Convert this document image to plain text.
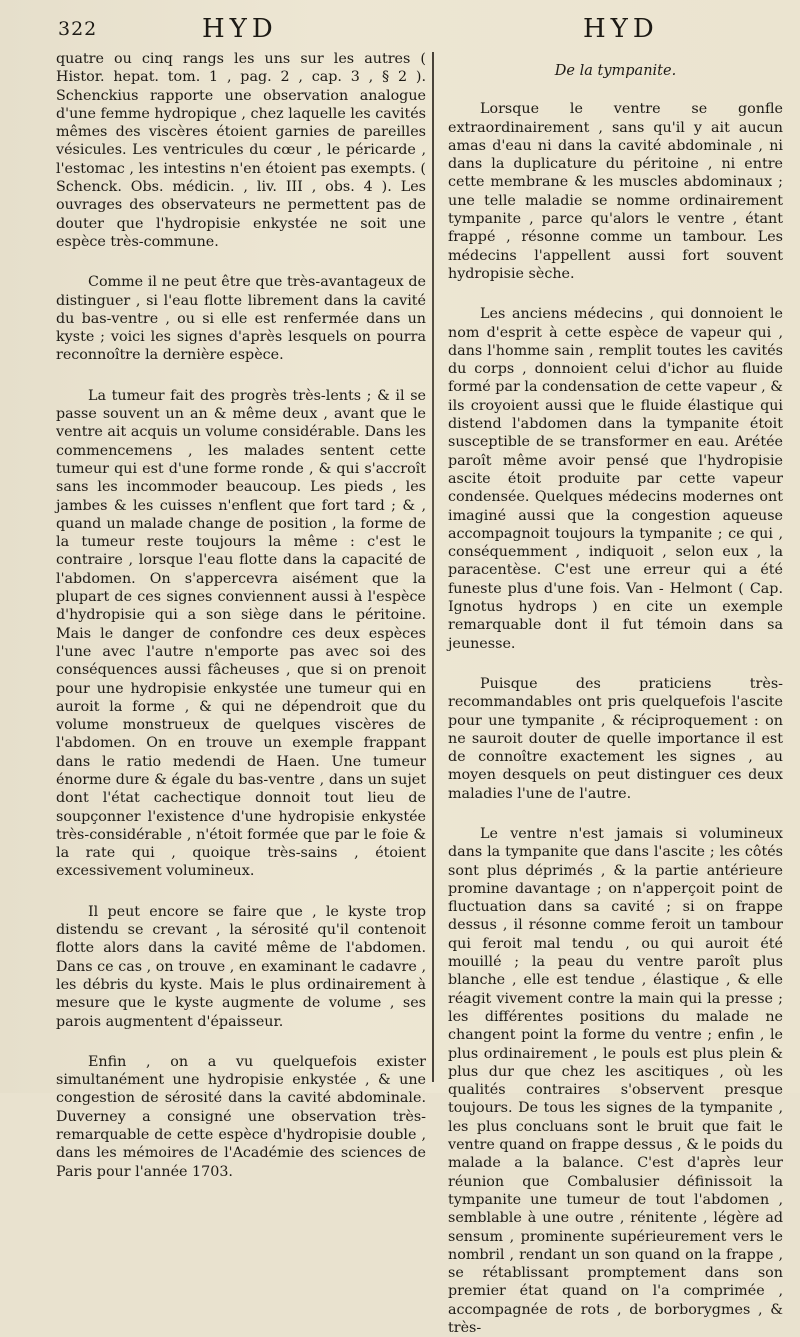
322	HYD	HYD

quatre ou cinq rangs les uns sur les autres ( Histor. hepat. tom. 1 , pag. 2 , cap. 3 , § 2 ). Schenckius rapporte une observation analogue d'une femme hydropique , chez laquelle les cavités mêmes des viscères étoient garnies de pareilles vésicules. Les ventricules du cœur , le péricarde , l'estomac , les intestins n'en étoient pas exempts. ( Schenck. Obs. médicin. , liv. III , obs. 4 ). Les ouvrages des observateurs ne permettent pas de douter que l'hydropisie enkystée ne soit une espèce très-commune.

Comme il ne peut être que très-avantageux de distinguer , si l'eau flotte librement dans la cavité du bas-ventre , ou si elle est renfermée dans un kyste ; voici les signes d'après lesquels on pourra reconnoître la dernière espèce.

La tumeur fait des progrès très-lents ; & il se passe souvent un an & même deux , avant que le ventre ait acquis un volume considérable. Dans les commencemens , les malades sentent cette tumeur qui est d'une forme ronde , & qui s'accroît sans les incommoder beaucoup. Les pieds , les jambes & les cuisses n'enflent que fort tard ; & , quand un malade change de position , la forme de la tumeur reste toujours la même : c'est le contraire , lorsque l'eau flotte dans la capacité de l'abdomen. On s'appercevra aisément que la plupart de ces signes conviennent aussi à l'espèce d'hydropisie qui a son siège dans le péritoine. Mais le danger de confondre ces deux espèces l'une avec l'autre n'emporte pas avec soi des conséquences aussi fâcheuses , que si on prenoit pour une hydropisie enkystée une tumeur qui en auroit la forme , & qui ne dépendroit que du volume monstrueux de quelques viscères de l'abdomen. On en trouve un exemple frappant dans le ratio medendi de Haen. Une tumeur énorme dure & égale du bas-ventre , dans un sujet dont l'état cachectique donnoit tout lieu de soupçonner l'existence d'une hydropisie enkystée très-considérable , n'étoit formée que par le foie & la rate qui , quoique très-sains , étoient excessivement volumineux.

Il peut encore se faire que , le kyste trop distendu se crevant , la sérosité qu'il contenoit flotte alors dans la cavité même de l'abdomen. Dans ce cas , on trouve , en examinant le cadavre , les débris du kyste. Mais le plus ordinairement à mesure que le kyste augmente de volume , ses parois augmentent d'épaisseur.

Enfin , on a vu quelquefois exister simultanément une hydropisie enkystée , & une congestion de sérosité dans la cavité abdominale. Duverney a consigné une observation très-remarquable de cette espèce d'hydropisie double , dans les mémoires de l'Académie des sciences de Paris pour l'année 1703.

De la tympanite.

Lorsque le ventre se gonfle extraordinairement , sans qu'il y ait aucun amas d'eau ni dans la cavité abdominale , ni dans la duplicature du péritoine , ni entre cette membrane & les muscles abdominaux ; une telle maladie se nomme ordinairement tympanite , parce qu'alors le ventre , étant frappé , résonne comme un tambour. Les médecins l'appellent aussi fort souvent hydropisie sèche.

Les anciens médecins , qui donnoient le nom d'esprit à cette espèce de vapeur qui , dans l'homme sain , remplit toutes les cavités du corps , donnoient celui d'ichor au fluide formé par la condensation de cette vapeur , & ils croyoient aussi que le fluide élastique qui distend l'abdomen dans la tympanite étoit susceptible de se transformer en eau. Arétée paroît même avoir pensé que l'hydropisie ascite étoit produite par cette vapeur condensée. Quelques médecins modernes ont imaginé aussi que la congestion aqueuse accompagnoit toujours la tympanite ; ce qui , conséquemment , indiquoit , selon eux , la paracentèse. C'est une erreur qui a été funeste plus d'une fois. Van - Helmont ( Cap. Ignotus hydrops ) en cite un exemple remarquable dont il fut témoin dans sa jeunesse.

Puisque des praticiens très-recommandables ont pris quelquefois l'ascite pour une tympanite , & réciproquement : on ne sauroit douter de quelle importance il est de connoître exactement les signes , au moyen desquels on peut distinguer ces deux maladies l'une de l'autre.

Le ventre n'est jamais si volumineux dans la tympanite que dans l'ascite ; les côtés sont plus déprimés , & la partie antérieure promine davantage ; on n'apperçoit point de fluctuation dans sa cavité ; si on frappe dessus , il résonne comme feroit un tambour qui feroit mal tendu , ou qui auroit été mouillé ; la peau du ventre paroît plus blanche , elle est tendue , élastique , & elle réagit vivement contre la main qui la presse ; les différentes positions du malade ne changent point la forme du ventre ; enfin , le plus ordinairement , le pouls est plus plein & plus dur que chez les ascitiques , où les qualités contraires s'observent presque toujours. De tous les signes de la tympanite , les plus concluans sont le bruit que fait le ventre quand on frappe dessus , & le poids du malade a la balance. C'est d'après leur réunion que Combalusier définissoit la tympanite une tumeur de tout l'abdomen , semblable à une outre , rénitente , légère ad sensum , prominente supérieurement vers le nombril , rendant un son quand on la frappe , se rétablissant promptement dans son premier état quand on l'a comprimée , accompagnée de rots , de borborygmes , & très-
